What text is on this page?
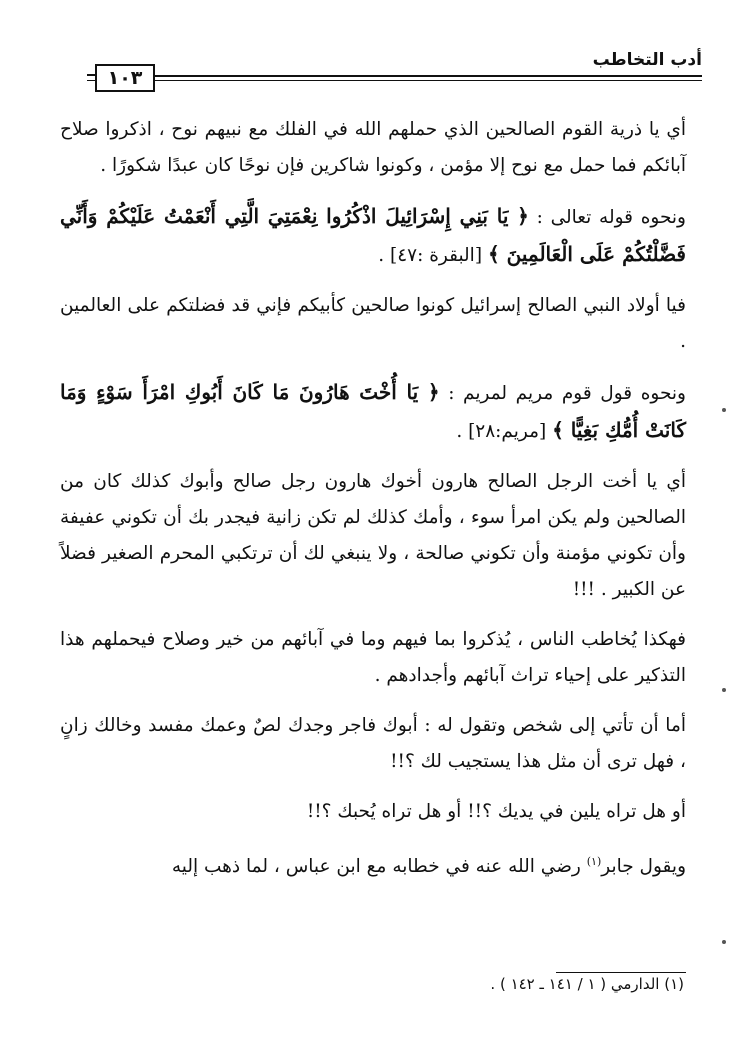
أدب التخاطب
١٠٣

أي يا ذرية القوم الصالحين الذي حملهم الله في الفلك مع نبيهم نوح ، اذكروا صلاح آبائكم فما حمل مع نوح إلا مؤمن ، وكونوا شاكرين فإن نوحًا كان عبدًا شكورًا .

ونحوه قوله تعالى : ﴿ يَا بَنِي إِسْرَائِيلَ اذْكُرُوا نِعْمَتِيَ الَّتِي أَنْعَمْتُ عَلَيْكُمْ وَأَنِّي فَضَّلْتُكُمْ عَلَى الْعَالَمِينَ ﴾ [البقرة :٤٧] .

فيا أولاد النبي الصالح إسرائيل كونوا صالحين كأبيكم فإني قد فضلتكم على العالمين .

ونحوه قول قوم مريم لمريم : ﴿ يَا أُخْتَ هَارُونَ مَا كَانَ أَبُوكِ امْرَأَ سَوْءٍ وَمَا كَانَتْ أُمُّكِ بَغِيًّا ﴾ [مريم:٢٨] .

أي يا أخت الرجل الصالح هارون أخوك هارون رجل صالح وأبوك كذلك كان من الصالحين ولم يكن امرأ سوء ، وأمك كذلك لم تكن زانية فيجدر بك أن تكوني عفيفة وأن تكوني مؤمنة وأن تكوني صالحة ، ولا ينبغي لك أن ترتكبي المحرم الصغير فضلاً عن الكبير . !!!

فهكذا يُخاطب الناس ، يُذكروا بما فيهم وما في آبائهم من خير وصلاح فيحملهم هذا التذكير على إحياء تراث آبائهم وأجدادهم .

أما أن تأتي إلى شخص وتقول له : أبوك فاجر وجدك لصٌ وعمك مفسد وخالك زانٍ ، فهل ترى أن مثل هذا يستجيب لك ؟!!

أو هل تراه يلين في يديك ؟!! أو هل تراه يُحبك ؟!!

ويقول جابر$^{(١)}$ رضي الله عنه في خطابه مع ابن عباس ، لما ذهب إليه

(١) الدارمي ( ١ / ١٤١ ـ ١٤٢ ) .
